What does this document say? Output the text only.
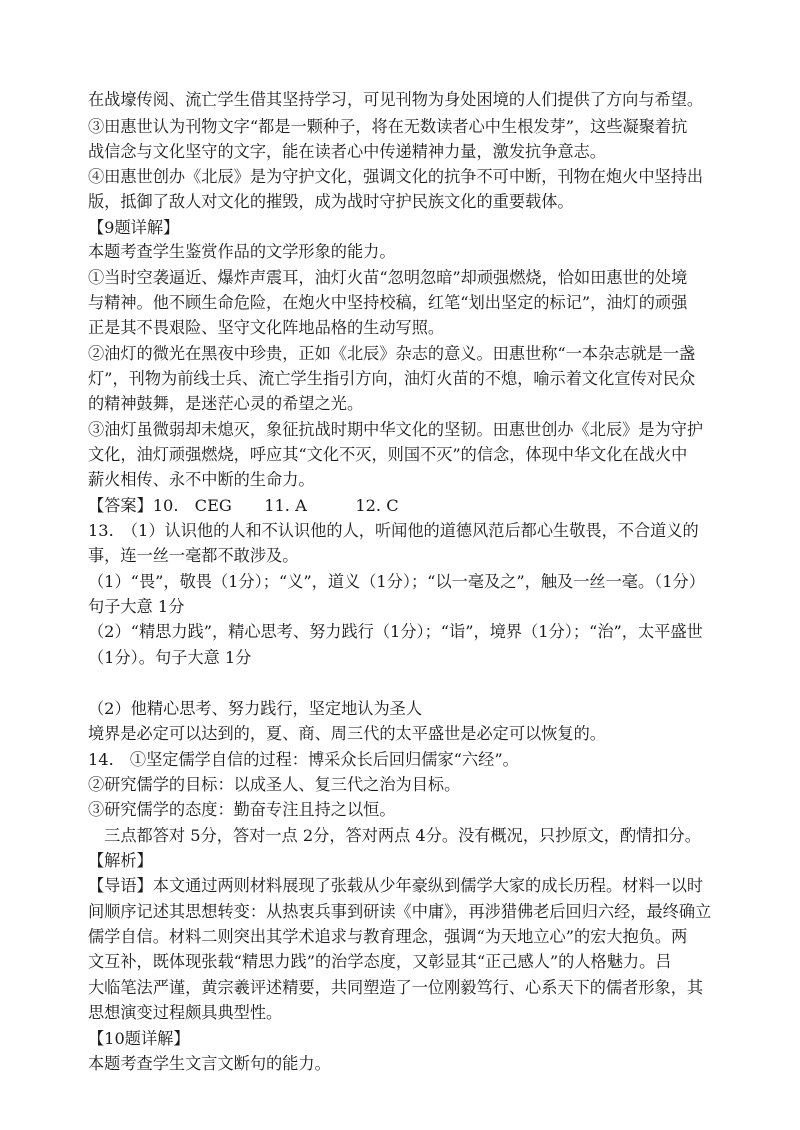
在战壕传阅、流亡学生借其坚持学习，可见刊物为身处困境的人们提供了方向与希望。
③田惠世认为刊物文字“都是一颗种子，将在无数读者心中生根发芽”，这些凝聚着抗
战信念与文化坚守的文字，能在读者心中传递精神力量，激发抗争意志。
④田惠世创办《北辰》是为守护文化，强调文化的抗争不可中断，刊物在炮火中坚持出
版，抵御了敌人对文化的摧毁，成为战时守护民族文化的重要载体。
【9题详解】
本题考查学生鉴赏作品的文学形象的能力。
①当时空袭逼近、爆炸声震耳，油灯火苗“忽明忽暗”却顽强燃烧，恰如田惠世的处境
与精神。他不顾生命危险，在炮火中坚持校稿，红笔“划出坚定的标记”，油灯的顽强
正是其不畏艰险、坚守文化阵地品格的生动写照。
②油灯的微光在黑夜中珍贵，正如《北辰》杂志的意义。田惠世称“一本杂志就是一盏
灯”，刊物为前线士兵、流亡学生指引方向，油灯火苗的不熄，喻示着文化宣传对民众
的精神鼓舞，是迷茫心灵的希望之光。
③油灯虽微弱却未熄灭，象征抗战时期中华文化的坚韧。田惠世创办《北辰》是为守护
文化，油灯顽强燃烧，呼应其“文化不灭，则国不灭”的信念，体现中华文化在战火中
薪火相传、永不中断的生命力。
【答案】10.　CEG　　11. A　　　12. C
13.　（1）认识他的人和不认识他的人，听闻他的道德风范后都心生敬畏，不合道义的
事，连一丝一毫都不敢涉及。
（1）“畏”，敬畏（1分）；“义”，道义（1分）；“以一毫及之”，触及一丝一毫。（1分）
句子大意 1分
（2）“精思力践”，精心思考、努力践行（1分）；“诣”，境界（1分）；“治”，太平盛世
（1分）。句子大意 1分
（2）他精心思考、努力践行，坚定地认为圣人
境界是必定可以达到的，夏、商、周三代的太平盛世是必定可以恢复的。
14.　①坚定儒学自信的过程：博采众长后回归儒家“六经”。
②研究儒学的目标：以成圣人、复三代之治为目标。
③研究儒学的态度：勤奋专注且持之以恒。
　三点都答对 5分，答对一点 2分，答对两点 4分。没有概况，只抄原文，酌情扣分。
【解析】
【导语】本文通过两则材料展现了张载从少年豪纵到儒学大家的成长历程。材料一以时
间顺序记述其思想转变：从热衷兵事到研读《中庸》，再涉猎佛老后回归六经，最终确立
儒学自信。材料二则突出其学术追求与教育理念，强调“为天地立心”的宏大抱负。两
文互补，既体现张载“精思力践”的治学态度，又彰显其“正己感人”的人格魅力。吕
大临笔法严谨，黄宗羲评述精要，共同塑造了一位刚毅笃行、心系天下的儒者形象，其
思想演变过程颇具典型性。
【10题详解】
本题考查学生文言文断句的能力。
